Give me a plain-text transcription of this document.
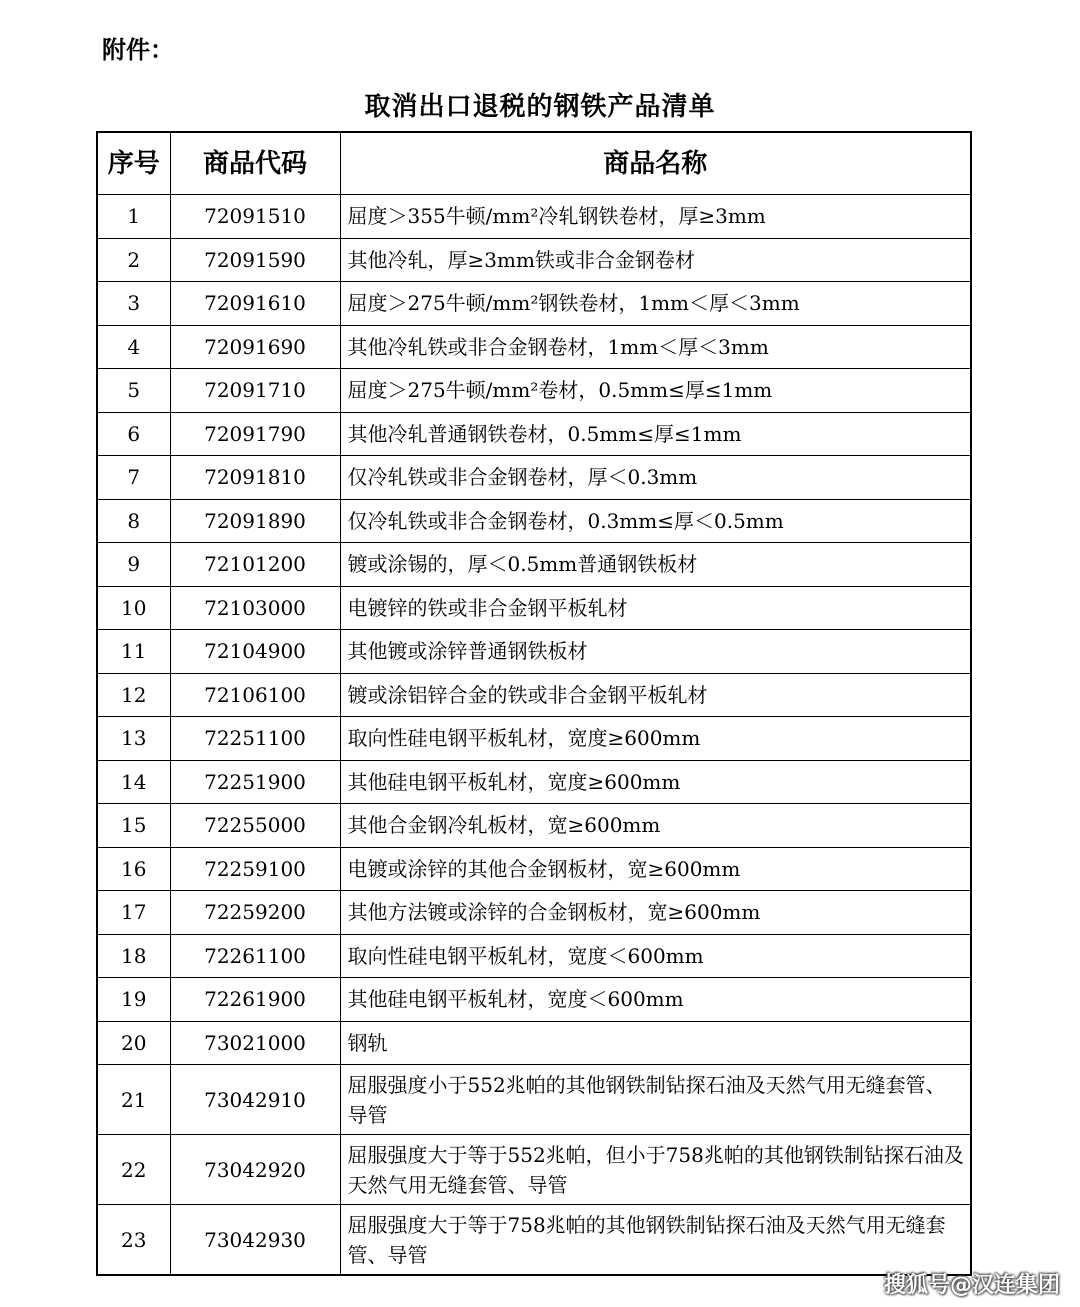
附件：
取消出口退税的钢铁产品清单
序号	商品代码	商品名称
1	72091510	屈度＞355牛顿/mm²冷轧钢铁卷材，厚≥3mm
2	72091590	其他冷轧，厚≥3mm铁或非合金钢卷材
3	72091610	屈度＞275牛顿/mm²钢铁卷材，1mm＜厚＜3mm
4	72091690	其他冷轧铁或非合金钢卷材，1mm＜厚＜3mm
5	72091710	屈度＞275牛顿/mm²卷材，0.5mm≤厚≤1mm
6	72091790	其他冷轧普通钢铁卷材，0.5mm≤厚≤1mm
7	72091810	仅冷轧铁或非合金钢卷材，厚＜0.3mm
8	72091890	仅冷轧铁或非合金钢卷材，0.3mm≤厚＜0.5mm
9	72101200	镀或涂锡的，厚＜0.5mm普通钢铁板材
10	72103000	电镀锌的铁或非合金钢平板轧材
11	72104900	其他镀或涂锌普通钢铁板材
12	72106100	镀或涂铝锌合金的铁或非合金钢平板轧材
13	72251100	取向性硅电钢平板轧材，宽度≥600mm
14	72251900	其他硅电钢平板轧材，宽度≥600mm
15	72255000	其他合金钢冷轧板材，宽≥600mm
16	72259100	电镀或涂锌的其他合金钢板材，宽≥600mm
17	72259200	其他方法镀或涂锌的合金钢板材，宽≥600mm
18	72261100	取向性硅电钢平板轧材，宽度＜600mm
19	72261900	其他硅电钢平板轧材，宽度＜600mm
20	73021000	钢轨
21	73042910	屈服强度小于552兆帕的其他钢铁制钻探石油及天然气用无缝套管、导管
22	73042920	屈服强度大于等于552兆帕，但小于758兆帕的其他钢铁制钻探石油及天然气用无缝套管、导管
23	73042930	屈服强度大于等于758兆帕的其他钢铁制钻探石油及天然气用无缝套管、导管
搜狐号@汉连集团
